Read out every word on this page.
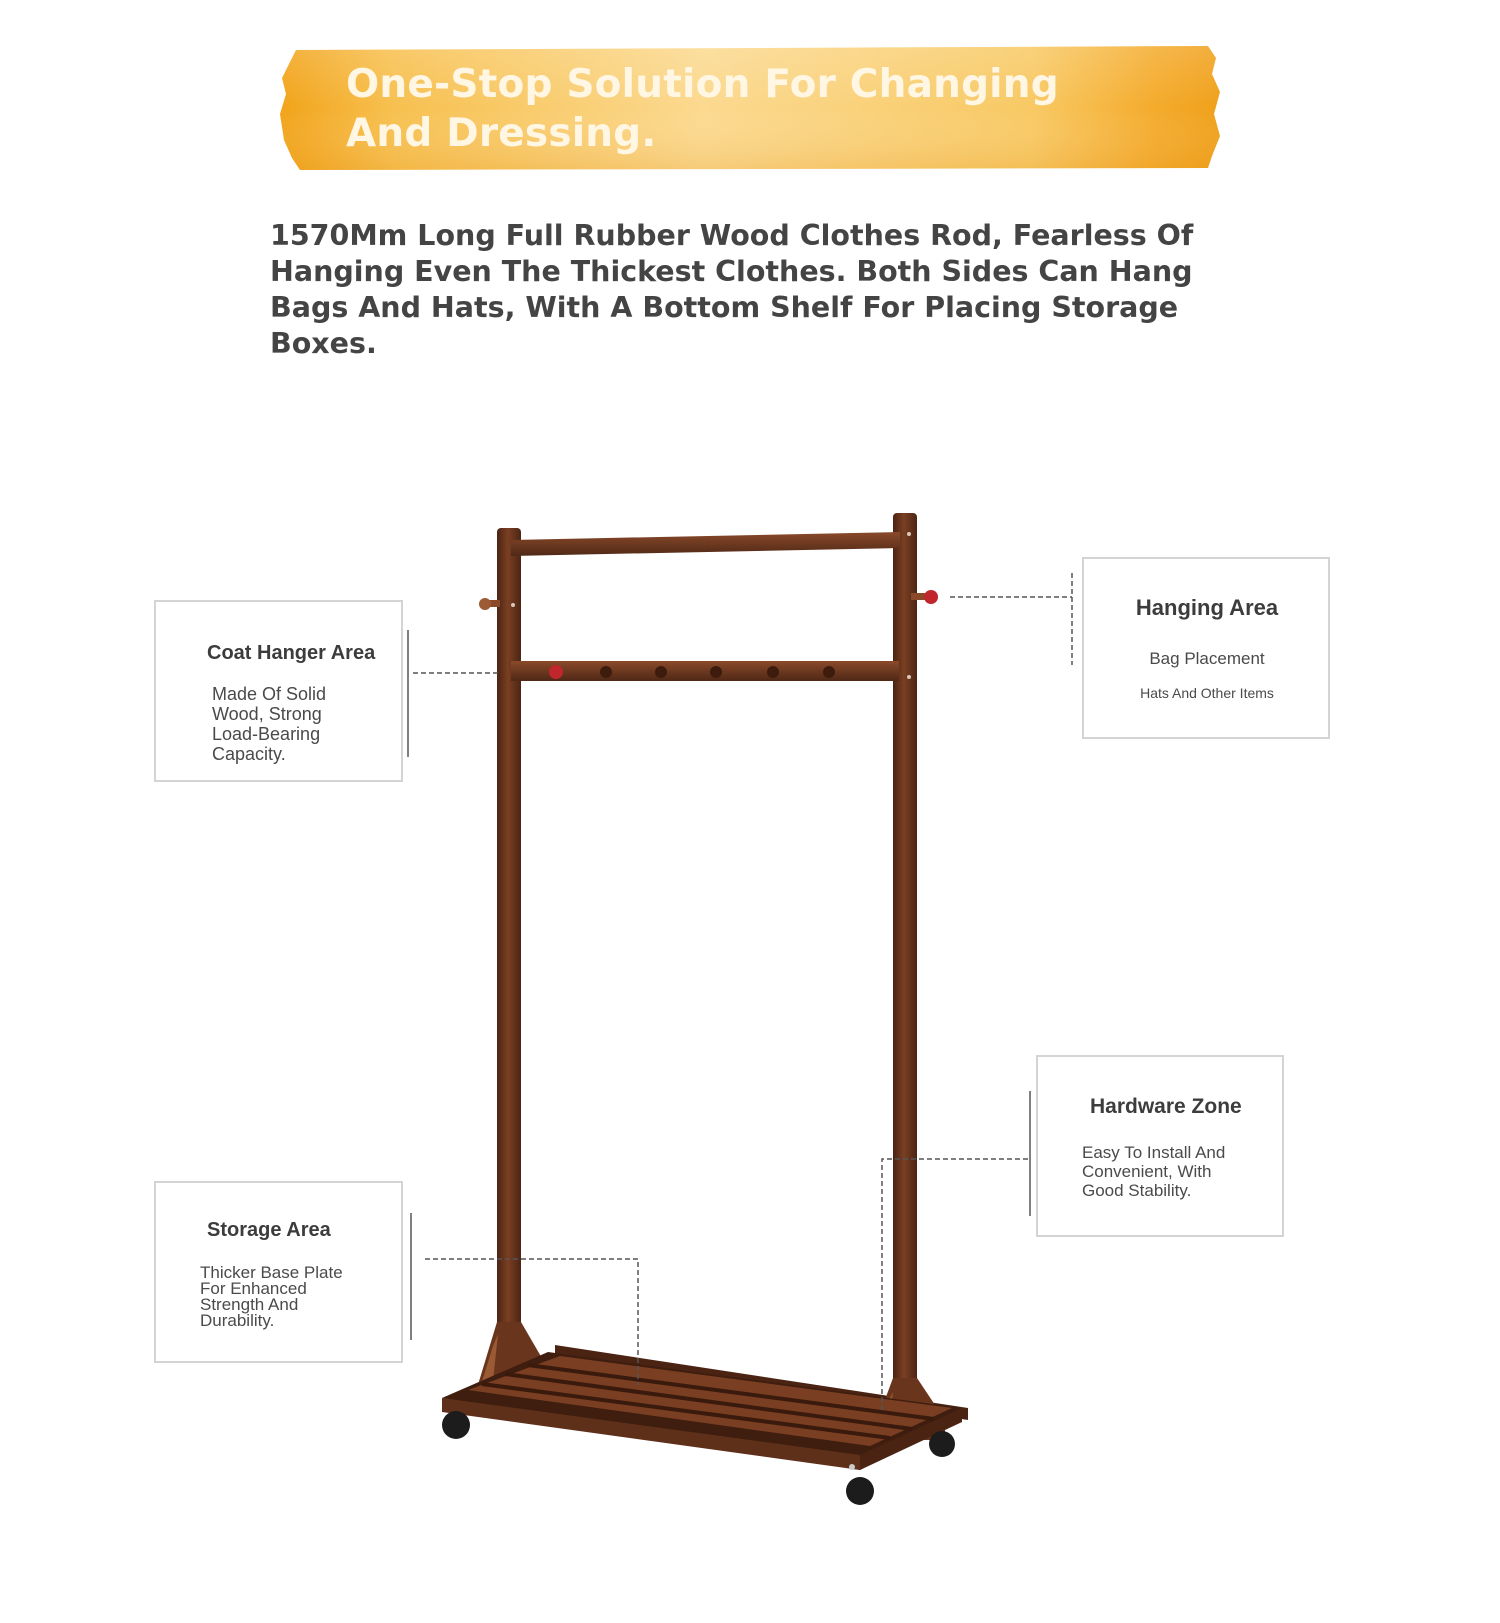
One-Stop Solution For Changing And Dressing.

1570Mm Long Full Rubber Wood Clothes Rod, Fearless Of Hanging Even The Thickest Clothes. Both Sides Can Hang Bags And Hats, With A Bottom Shelf For Placing Storage Boxes.

Coat Hanger Area

Made Of Solid Wood, Strong Load-Bearing Capacity.

Hanging Area

Bag Placement

Hats And Other Items

Hardware Zone

Easy To Install And Convenient, With Good Stability.

Storage Area

Thicker Base Plate For Enhanced Strength And Durability.
